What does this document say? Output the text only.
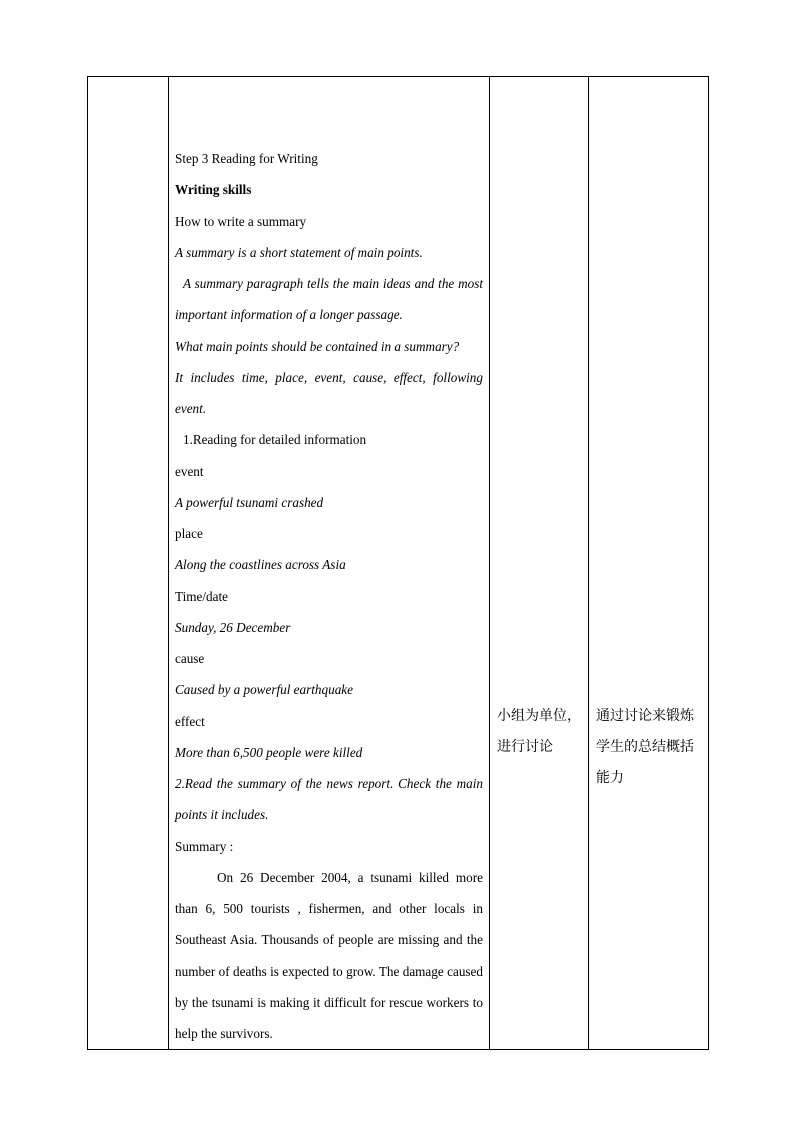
Step 3 Reading for Writing
Writing skills
How to write a summary
A summary is a short statement of main points.
A summary paragraph tells the main ideas and the most important information of a longer passage.
What main points should be contained in a summary?
It includes time, place, event, cause, effect, following event.
1.Reading for detailed information
event
A powerful tsunami crashed
place
Along the coastlines across Asia
Time/date
Sunday, 26 December
cause
Caused by a powerful earthquake
effect
More than 6,500 people were killed
2.Read the summary of the news report. Check the main points it includes.
Summary :
On 26 December 2004, a tsunami killed more than 6, 500 tourists , fishermen, and other locals in Southeast Asia. Thousands of people are missing and the number of deaths is expected to grow. The damage caused by the tsunami is making it difficult for rescue workers to help the survivors.

小组为单位，
进行讨论

通过讨论来锻炼
学生的总结概括
能力
